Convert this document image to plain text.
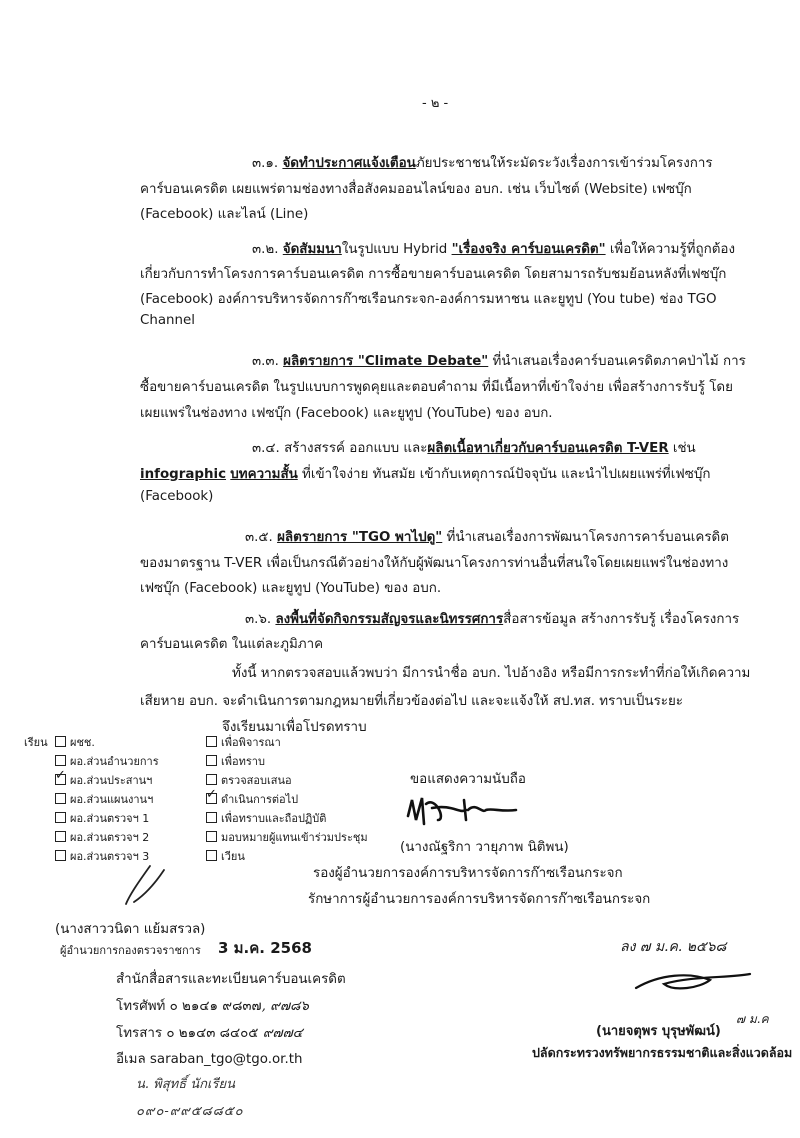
- ๒ -
๓.๑. จัดทำประกาศแจ้งเตือนภัยประชาชนให้ระมัดระวังเรื่องการเข้าร่วมโครงการ
คาร์บอนเครดิต เผยแพร่ตามช่องทางสื่อสังคมออนไลน์ของ อบก. เช่น เว็บไซต์ (Website) เฟซบุ๊ก
(Facebook) และไลน์ (Line)
๓.๒. จัดสัมมนาในรูปแบบ Hybrid "เรื่องจริง คาร์บอนเครดิต" เพื่อให้ความรู้ที่ถูกต้อง
เกี่ยวกับการทำโครงการคาร์บอนเครดิต การซื้อขายคาร์บอนเครดิต โดยสามารถรับชมย้อนหลังที่เฟซบุ๊ก
(Facebook) องค์การบริหารจัดการก๊าซเรือนกระจก-องค์การมหาชน และยูทูป (You tube) ช่อง TGO
Channel
๓.๓. ผลิตรายการ "Climate Debate" ที่นำเสนอเรื่องคาร์บอนเครดิตภาคป่าไม้ การ
ซื้อขายคาร์บอนเครดิต ในรูปแบบการพูดคุยและตอบคำถาม ที่มีเนื้อหาที่เข้าใจง่าย เพื่อสร้างการรับรู้ โดย
เผยแพร่ในช่องทาง เฟซบุ๊ก (Facebook) และยูทูป (YouTube) ของ อบก.
๓.๔. สร้างสรรค์ ออกแบบ และผลิตเนื้อหาเกี่ยวกับคาร์บอนเครดิต T-VER เช่น
infographic บทความสั้น ที่เข้าใจง่าย ทันสมัย เข้ากับเหตุการณ์ปัจจุบัน และนำไปเผยแพร่ที่เฟซบุ๊ก
(Facebook)
๓.๕. ผลิตรายการ "TGO พาไปดู" ที่นำเสนอเรื่องการพัฒนาโครงการคาร์บอนเครดิต
ของมาตรฐาน T-VER เพื่อเป็นกรณีตัวอย่างให้กับผู้พัฒนาโครงการท่านอื่นที่สนใจโดยเผยแพร่ในช่องทาง
เฟซบุ๊ก (Facebook) และยูทูป (YouTube) ของ อบก.
๓.๖. ลงพื้นที่จัดกิจกรรมสัญจรและนิทรรศการสื่อสารข้อมูล สร้างการรับรู้ เรื่องโครงการ
คาร์บอนเครดิต ในแต่ละภูมิภาค
ทั้งนี้ หากตรวจสอบแล้วพบว่า มีการนำชื่อ อบก. ไปอ้างอิง หรือมีการกระทำที่ก่อให้เกิดความ
เสียหาย อบก. จะดำเนินการตามกฎหมายที่เกี่ยวข้องต่อไป และจะแจ้งให้ สป.ทส. ทราบเป็นระยะ
จึงเรียนมาเพื่อโปรดทราบ
เรียน	ผชช.
ผอ.ส่วนอำนวยการ
✓ผอ.ส่วนประสานฯ
ผอ.ส่วนแผนงานฯ
ผอ.ส่วนตรวจฯ 1
ผอ.ส่วนตรวจฯ 2
ผอ.ส่วนตรวจฯ 3
เพื่อพิจารณา
เพื่อทราบ
ตรวจสอบเสนอ
✓ดำเนินการต่อไป
เพื่อทราบและถือปฏิบัติ
มอบหมายผู้แทนเข้าร่วมประชุม
เวียน
ขอแสดงความนับถือ
(นางณัฐริกา วายุภาพ นิติพน)
รองผู้อำนวยการองค์การบริหารจัดการก๊าซเรือนกระจก
รักษาการผู้อำนวยการองค์การบริหารจัดการก๊าซเรือนกระจก
(นางสาววนิดา แย้มสรวล)
ผู้อำนวยการกองตรวจราชการ 3 ม.ค. 2568
สำนักสื่อสารและทะเบียนคาร์บอนเครดิต
โทรศัพท์ ๐ ๒๑๔๑ ๙๘๓๗, ๙๗๘๖
โทรสาร ๐ ๒๑๔๓ ๘๔๐๕ ๙๗๗๔
อีเมล saraban_tgo@tgo.or.th
น. พิสุทธิ์ นักเรียน
๐๙๐-๙๙๕๘๘๕๐
ลง ๗ ม.ค. ๒๕๖๘
(นายจตุพร บุรุษพัฒน์)
๗ ม.ค
ปลัดกระทรวงทรัพยากรธรรมชาติและสิ่งแวดล้อม
